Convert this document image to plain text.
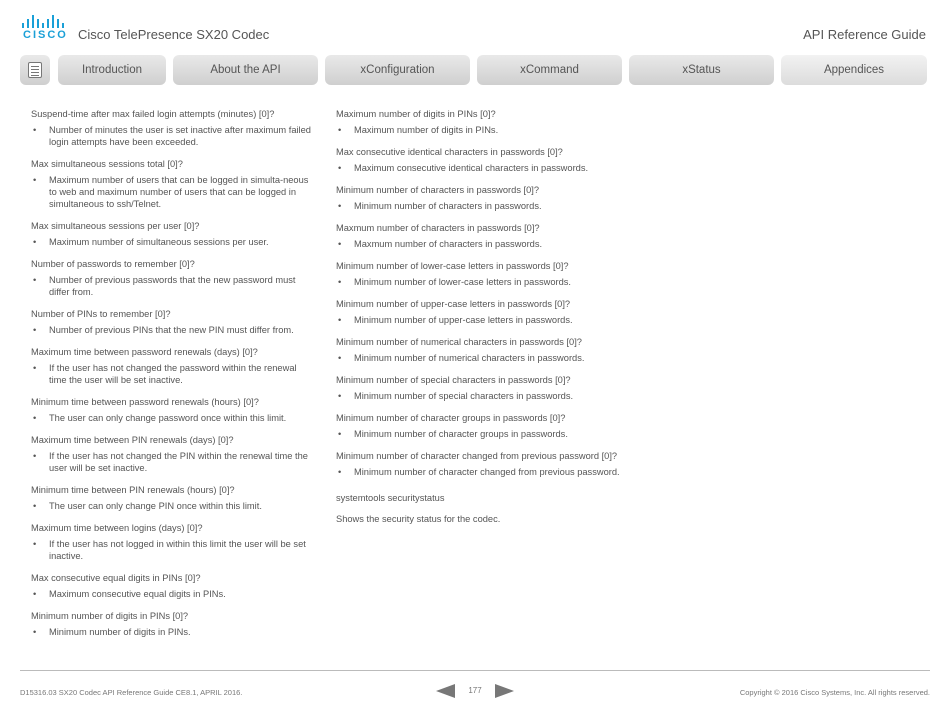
CISCO Cisco TelePresence SX20 Codec	API Reference Guide
Introduction	About the API	xConfiguration	xCommand	xStatus	Appendices
Suspend-time after max failed login attempts (minutes) [0]?
• Number of minutes the user is set inactive after maximum failed login attempts have been exceeded.
Max simultaneous sessions total [0]?
• Maximum number of users that can be logged in simulta-neous to web and maximum number of users that can be logged in simultaneous to ssh/Telnet.
Max simultaneous sessions per user [0]?
• Maximum number of simultaneous sessions per user.
Number of passwords to remember [0]?
• Number of previous passwords that the new password must differ from.
Number of PINs to remember [0]?
• Number of previous PINs that the new PIN must differ from.
Maximum time between password renewals (days) [0]?
• If the user has not changed the password within the renewal time the user will be set inactive.
Minimum time between password renewals (hours) [0]?
• The user can only change password once within this limit.
Maximum time between PIN renewals (days) [0]?
• If the user has not changed the PIN within the renewal time the user will be set inactive.
Minimum time between PIN renewals (hours) [0]?
• The user can only change PIN once within this limit.
Maximum time between logins (days) [0]?
• If the user has not logged in within this limit the user will be set inactive.
Max consecutive equal digits in PINs [0]?
• Maximum consecutive equal digits in PINs.
Minimum number of digits in PINs [0]?
• Minimum number of digits in PINs.
Maximum number of digits in PINs [0]?
• Maximum number of digits in PINs.
Max consecutive identical characters in passwords [0]?
• Maximum consecutive identical characters in passwords.
Minimum number of characters in passwords [0]?
• Minimum number of characters in passwords.
Maxmum number of characters in passwords [0]?
• Maxmum number of characters in passwords.
Minimum number of lower-case letters in passwords [0]?
• Minimum number of lower-case letters in passwords.
Minimum number of upper-case letters in passwords [0]?
• Minimum number of upper-case letters in passwords.
Minimum number of numerical characters in passwords [0]?
• Minimum number of numerical characters in passwords.
Minimum number of special characters in passwords [0]?
• Minimum number of special characters in passwords.
Minimum number of character groups in passwords [0]?
• Minimum number of character groups in passwords.
Minimum number of character changed from previous password [0]?
• Minimum number of character changed from previous password.
systemtools securitystatus
Shows the security status for the codec.
D15316.03 SX20 Codec API Reference Guide CE8.1, APRIL 2016.	177	Copyright © 2016 Cisco Systems, Inc. All rights reserved.
